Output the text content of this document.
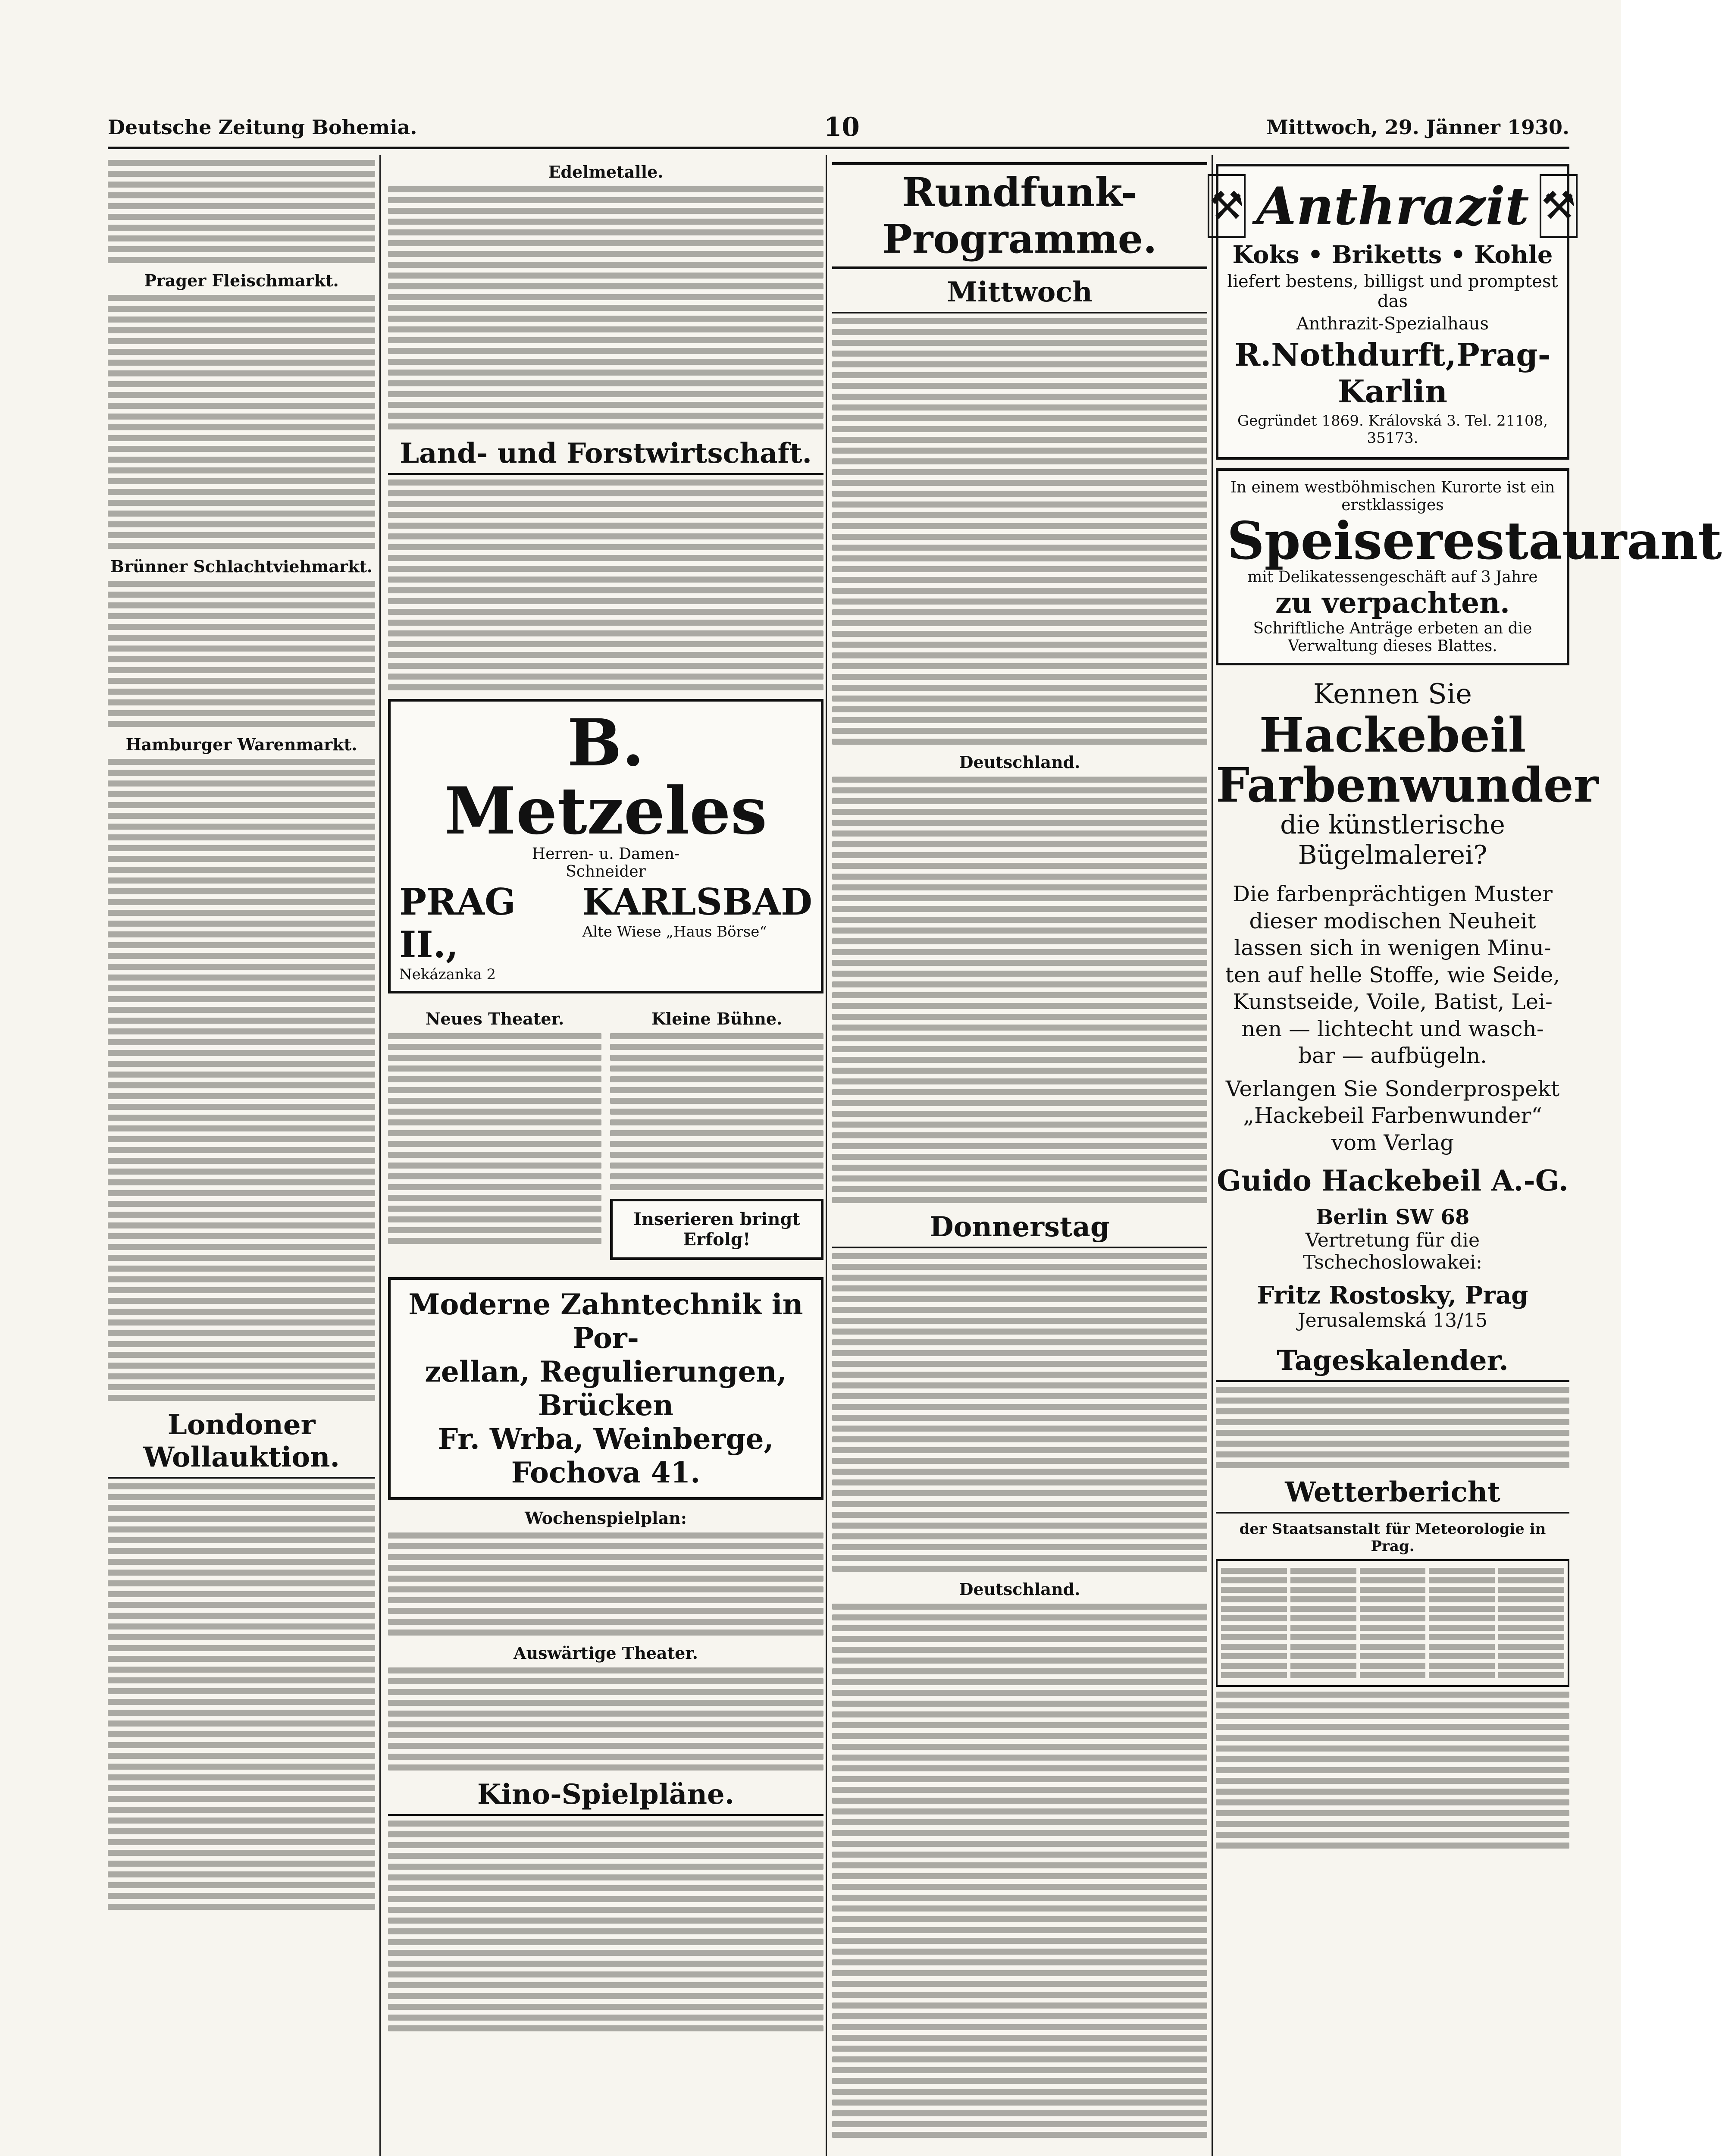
Deutsche Zeitung Bohemia.	10	Mittwoch, 29. Jänner 1930.
Prager Fleischmarkt.
Brünner Schlachtviehmarkt.
Hamburger Warenmarkt.
Londoner Wollauktion.
Edelmetalle.
Land- und Forstwirtschaft.
B. Metzeles
Herren- u. Damen-
Schneider
PRAG II.,
Nekázanka 2
KARLSBAD
Alte Wiese „Haus Börse“
Neues Theater.	Kleine Bühne.
Inserieren bringt Erfolg!
Moderne Zahntechnik in Por-
zellan, Regulierungen, Brücken
Fr. Wrba, Weinberge, Fochova 41.
Wochenspielplan:
Auswärtige Theater.
Kino-Spielpläne.
Rundfunk-Programme.
Mittwoch
Deutschland.
Donnerstag
Deutschland.
⚒ Anthrazit ⚒
Koks • Briketts • Kohle
liefert bestens, billigst und promptest das
Anthrazit-Spezialhaus
R.Nothdurft,Prag-Karlin
Gegründet 1869. Královská 3. Tel. 21108, 35173.
In einem westböhmischen Kurorte ist ein
erstklassiges
Speiserestaurant
mit Delikatessengeschäft auf 3 Jahre
zu verpachten.
Schriftliche Anträge erbeten an die Verwaltung dieses Blattes.
Kennen Sie
Hackebeil
Farbenwunder
die künstlerische Bügelmalerei?
Die farbenprächtigen Muster
dieser modischen Neuheit
lassen sich in wenigen Minu-
ten auf helle Stoffe, wie Seide,
Kunstseide, Voile, Batist, Lei-
nen — lichtecht und wasch-
bar — aufbügeln.
Verlangen Sie Sonderprospekt
„Hackebeil Farbenwunder“
vom Verlag
Guido Hackebeil A.-G.
Berlin SW 68
Vertretung für die Tschechoslowakei:
Fritz Rostosky, Prag
Jerusalemská 13/15
Tageskalender.
Wetterbericht
der Staatsanstalt für Meteorologie in Prag.
